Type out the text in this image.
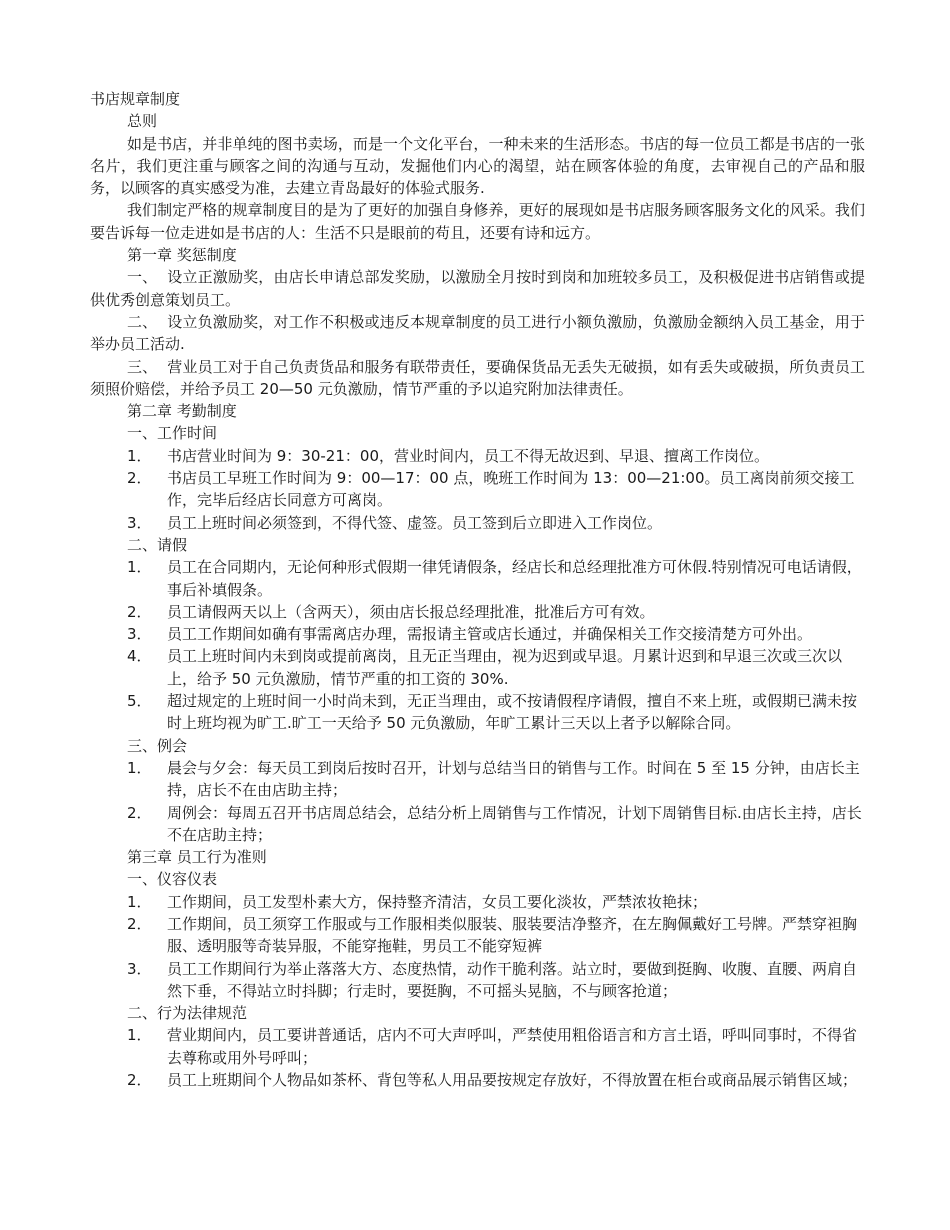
书店规章制度
总则
如是书店，并非单纯的图书卖场，而是一个文化平台，一种未来的生活形态。书店的每一位员工都是书店的一张名片，我们更注重与顾客之间的沟通与互动，发掘他们内心的渴望，站在顾客体验的角度，去审视自己的产品和服务，以顾客的真实感受为准，去建立青岛最好的体验式服务.
我们制定严格的规章制度目的是为了更好的加强自身修养，更好的展现如是书店服务顾客服务文化的风采。我们要告诉每一位走进如是书店的人：生活不只是眼前的苟且，还要有诗和远方。
第一章 奖惩制度
一、 设立正激励奖，由店长申请总部发奖励，以激励全月按时到岗和加班较多员工，及积极促进书店销售或提供优秀创意策划员工。
二、 设立负激励奖，对工作不积极或违反本规章制度的员工进行小额负激励，负激励金额纳入员工基金，用于举办员工活动.
三、 营业员工对于自己负责货品和服务有联带责任，要确保货品无丢失无破损，如有丢失或破损，所负责员工须照价赔偿，并给予员工 20—50 元负激励，情节严重的予以追究附加法律责任。
第二章 考勤制度
一、工作时间
1．	书店营业时间为 9：30-21：00，营业时间内，员工不得无故迟到、早退、擅离工作岗位。
2．	书店员工早班工作时间为 9：00—17：00 点，晚班工作时间为 13：00—21:00。员工离岗前须交接工作，完毕后经店长同意方可离岗。
3．	员工上班时间必须签到，不得代签、虚签。员工签到后立即进入工作岗位。
二、请假
1．	员工在合同期内，无论何种形式假期一律凭请假条，经店长和总经理批准方可休假.特别情况可电话请假，事后补填假条。
2．	员工请假两天以上（含两天），须由店长报总经理批准，批准后方可有效。
3．	员工工作期间如确有事需离店办理，需报请主管或店长通过，并确保相关工作交接清楚方可外出。
4．	员工上班时间内未到岗或提前离岗，且无正当理由，视为迟到或早退。月累计迟到和早退三次或三次以上，给予 50 元负激励，情节严重的扣工资的 30%.
5．	超过规定的上班时间一小时尚未到，无正当理由，或不按请假程序请假，擅自不来上班，或假期已满未按时上班均视为旷工.旷工一天给予 50 元负激励，年旷工累计三天以上者予以解除合同。
三、例会
1．	晨会与夕会：每天员工到岗后按时召开，计划与总结当日的销售与工作。时间在 5 至 15 分钟，由店长主持，店长不在由店助主持；
2．	周例会：每周五召开书店周总结会，总结分析上周销售与工作情况，计划下周销售目标.由店长主持，店长不在店助主持；
第三章 员工行为准则
一、仪容仪表
1．	工作期间，员工发型朴素大方，保持整齐清洁，女员工要化淡妆，严禁浓妆艳抹；
2．	工作期间，员工须穿工作服或与工作服相类似服装、服装要洁净整齐，在左胸佩戴好工号牌。严禁穿袒胸服、透明服等奇装异服，不能穿拖鞋，男员工不能穿短裤
3．	员工工作期间行为举止落落大方、态度热情，动作干脆利落。站立时，要做到挺胸、收腹、直腰、两肩自然下垂，不得站立时抖脚；行走时，要挺胸，不可摇头晃脑，不与顾客抢道；
二、行为法律规范
1．	营业期间内，员工要讲普通话，店内不可大声呼叫，严禁使用粗俗语言和方言土语，呼叫同事时，不得省去尊称或用外号呼叫；
2．	员工上班期间个人物品如茶杯、背包等私人用品要按规定存放好，不得放置在柜台或商品展示销售区域；
